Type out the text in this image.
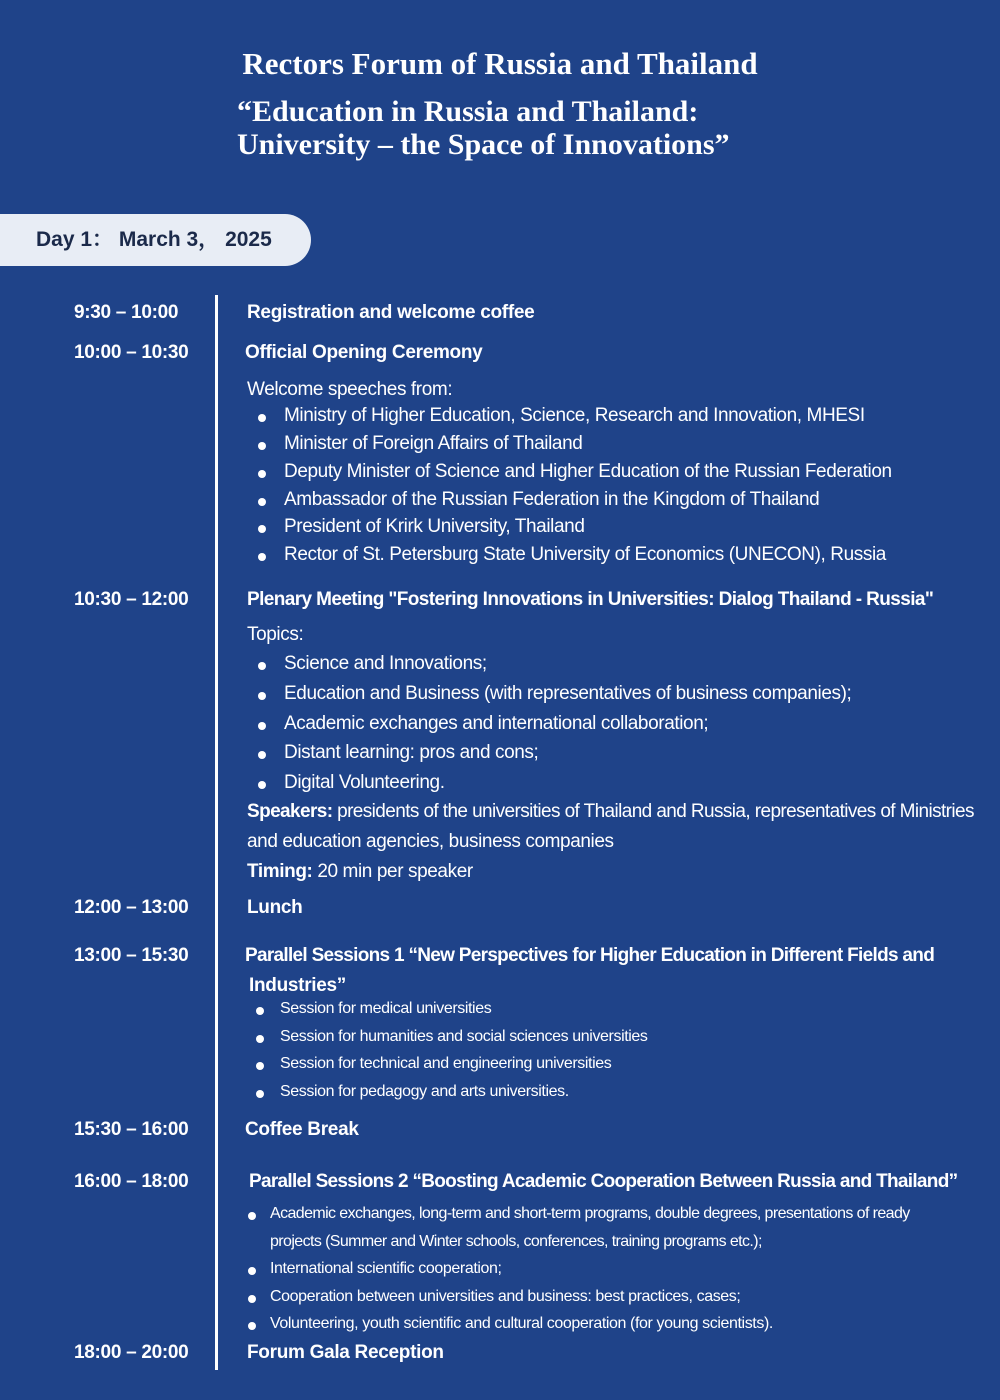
Rectors Forum of Russia and Thailand
“Education in Russia and Thailand:
University – the Space of Innovations”
Day 1： March 3， 2025
9:30 – 10:00	Registration and welcome coffee
10:00 – 10:30	Official Opening Ceremony
Welcome speeches from:
Ministry of Higher Education, Science, Research and Innovation, MHESI
Minister of Foreign Affairs of Thailand
Deputy Minister of Science and Higher Education of the Russian Federation
Ambassador of the Russian Federation in the Kingdom of Thailand
President of Krirk University, Thailand
Rector of St. Petersburg State University of Economics (UNECON), Russia
10:30 – 12:00	Plenary Meeting "Fostering Innovations in Universities: Dialog Thailand - Russia"
Topics:
Science and Innovations;
Education and Business (with representatives of business companies);
Academic exchanges and international collaboration;
Distant learning: pros and cons;
Digital Volunteering.
Speakers: presidents of the universities of Thailand and Russia, representatives of Ministries
and education agencies, business companies
Timing: 20 min per speaker
12:00 – 13:00	Lunch
13:00 – 15:30	Parallel Sessions 1 “New Perspectives for Higher Education in Different Fields and
Industries”
Session for medical universities
Session for humanities and social sciences universities
Session for technical and engineering universities
Session for pedagogy and arts universities.
15:30 – 16:00	Coffee Break
16:00 – 18:00	Parallel Sessions 2 “Boosting Academic Cooperation Between Russia and Thailand”
Academic exchanges, long-term and short-term programs, double degrees, presentations of ready
projects (Summer and Winter schools, conferences, training programs etc.);
International scientific cooperation;
Cooperation between universities and business: best practices, cases;
Volunteering, youth scientific and cultural cooperation (for young scientists).
18:00 – 20:00	Forum Gala Reception
